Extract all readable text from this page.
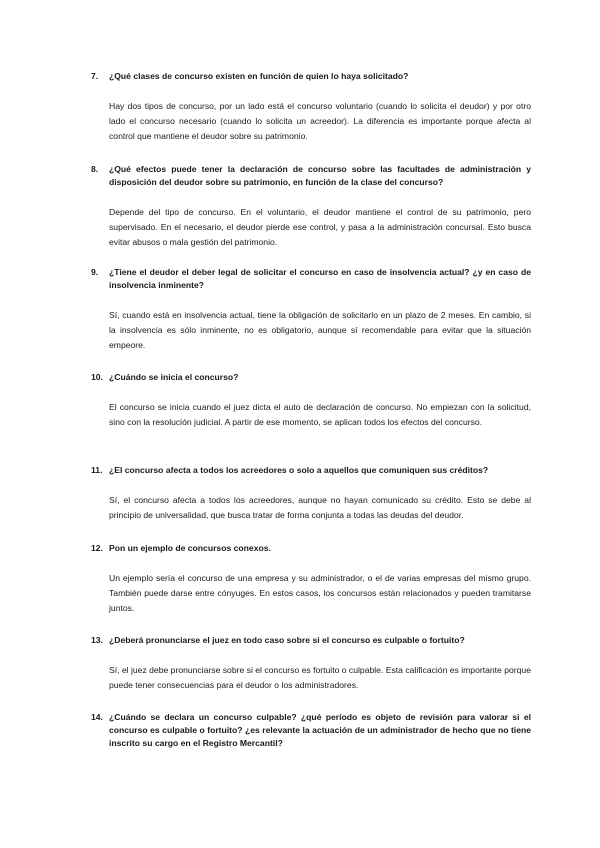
7.	¿Qué clases de concurso existen en función de quien lo haya solicitado?
Hay dos tipos de concurso, por un lado está el concurso voluntario (cuando lo solicita el deudor) y por otro lado el concurso necesario (cuando lo solicita un acreedor). La diferencia es importante porque afecta al control que mantiene el deudor sobre su patrimonio.
8.	¿Qué efectos puede tener la declaración de concurso sobre las facultades de administración y disposición del deudor sobre su patrimonio, en función de la clase del concurso?
Depende del tipo de concurso. En el voluntario, el deudor mantiene el control de su patrimonio, pero supervisado. En el necesario, el deudor pierde ese control, y pasa a la administración concursal. Esto busca evitar abusos o mala gestión del patrimonio.
9.	¿Tiene el deudor el deber legal de solicitar el concurso en caso de insolvencia actual? ¿y en caso de insolvencia inminente?
Sí, cuando está en insolvencia actual, tiene la obligación de solicitarlo en un plazo de 2 meses. En cambio, si la insolvencia es sólo inminente, no es obligatorio, aunque sí recomendable para evitar que la situación empeore.
10. ¿Cuándo se inicia el concurso?
El concurso se inicia cuando el juez dicta el auto de declaración de concurso. No empiezan con la solicitud, sino con la resolución judicial. A partir de ese momento, se aplican todos los efectos del concurso.
11. ¿El concurso afecta a todos los acreedores o solo a aquellos que comuniquen sus créditos?
Sí, el concurso afecta a todos los acreedores, aunque no hayan comunicado su crédito. Esto se debe al principio de universalidad, que busca tratar de forma conjunta a todas las deudas del deudor.
12. Pon un ejemplo de concursos conexos.
Un ejemplo sería el concurso de una empresa y su administrador, o el de varias empresas del mismo grupo. También puede darse entre cónyuges. En estos casos, los concursos están relacionados y pueden tramitarse juntos.
13. ¿Deberá pronunciarse el juez en todo caso sobre si el concurso es culpable o fortuito?
Sí, el juez debe pronunciarse sobre si el concurso es fortuito o culpable. Esta calificación es importante porque puede tener consecuencias para el deudor o los administradores.
14. ¿Cuándo se declara un concurso culpable? ¿qué período es objeto de revisión para valorar si el concurso es culpable o fortuito? ¿es relevante la actuación de un administrador de hecho que no tiene inscrito su cargo en el Registro Mercantil?
